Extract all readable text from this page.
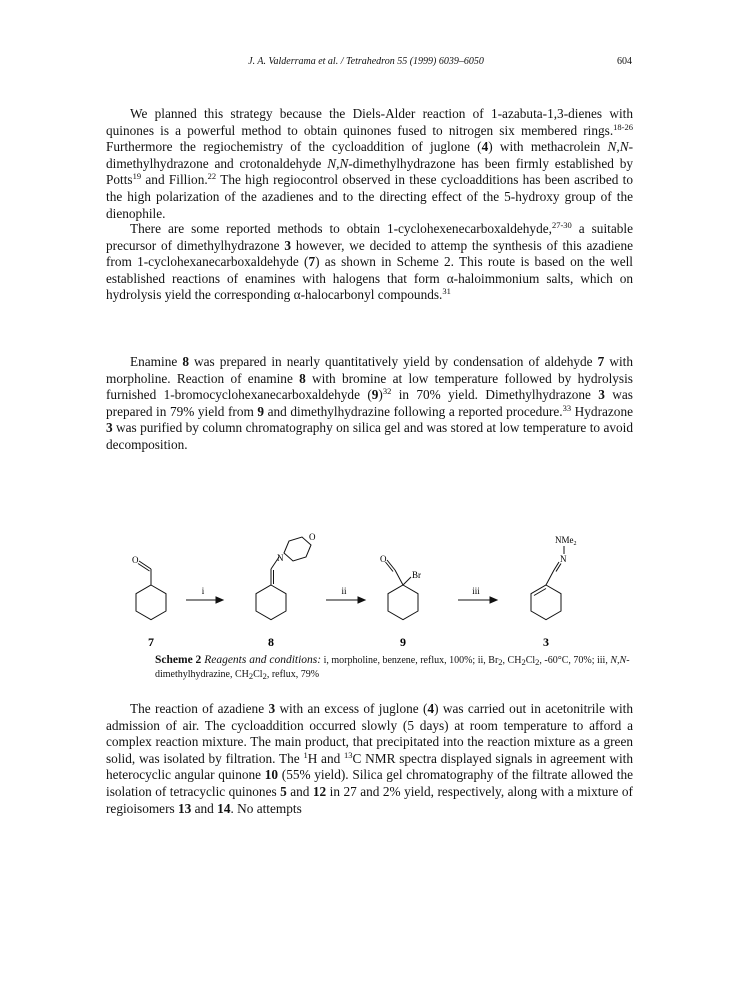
J. A. Valderrama et al. / Tetrahedron 55 (1999) 6039–6050	604

We planned this strategy because the Diels-Alder reaction of 1-azabuta-1,3-dienes with quinones is a powerful method to obtain quinones fused to nitrogen six membered rings.$^{18-26}$ Furthermore the regiochemistry of the cycloaddition of juglone (4) with methacrolein N,N-dimethylhydrazone and crotonaldehyde N,N-dimethylhydrazone has been firmly established by Potts$^{19}$ and Fillion.$^{22}$ The high regiocontrol observed in these cycloadditions has been ascribed to the high polarization of the azadienes and to the directing effect of the 5-hydroxy group of the dienophile.

There are some reported methods to obtain 1-cyclohexenecarboxaldehyde,$^{27-30}$ a suitable precursor of dimethylhydrazone 3 however, we decided to attemp the synthesis of this azadiene from 1-cyclohexanecarboxaldehyde (7) as shown in Scheme 2. This route is based on the well established reactions of enamines with halogens that form α-haloimmonium salts, which on hydrolysis yield the corresponding α-halocarbonyl compounds.$^{31}$

Enamine 8 was prepared in nearly quantitatively yield by condensation of aldehyde 7 with morpholine. Reaction of enamine 8 with bromine at low temperature followed by hydrolysis furnished 1-bromocyclohexanecarboxaldehyde $(9)^{32}$ in 70% yield. Dimethylhydrazone 3 was prepared in 79% yield from 9 and dimethylhydrazine following a reported procedure.$^{33}$ Hydrazone 3 was purified by column chromatography on silica gel and was stored at low temperature to avoid decomposition.

O	N
O
O
Br
N
NMe$_2$
i	ii	iii
7	8	9	3
Scheme 2 Reagents and conditions: i, morpholine, benzene, reflux, 100%; ii, $Br_2$, $CH_2Cl_2$, -60°C, 70%; iii, N,N-dimethylhydrazine, $CH_2Cl_2$, reflux, 79%

The reaction of azadiene 3 with an excess of juglone (4) was carried out in acetonitrile with admission of air. The cycloaddition occurred slowly (5 days) at room temperature to afford a complex reaction mixture. The main product, that precipitated into the reaction mixture as a green solid, was isolated by filtration. The $^1$H and $^{13}$C NMR spectra displayed signals in agreement with heterocyclic angular quinone 10 (55% yield). Silica gel chromatography of the filtrate allowed the isolation of tetracyclic quinones 5 and 12 in 27 and 2% yield, respectively, along with a mixture of regioisomers 13 and 14. No attempts
